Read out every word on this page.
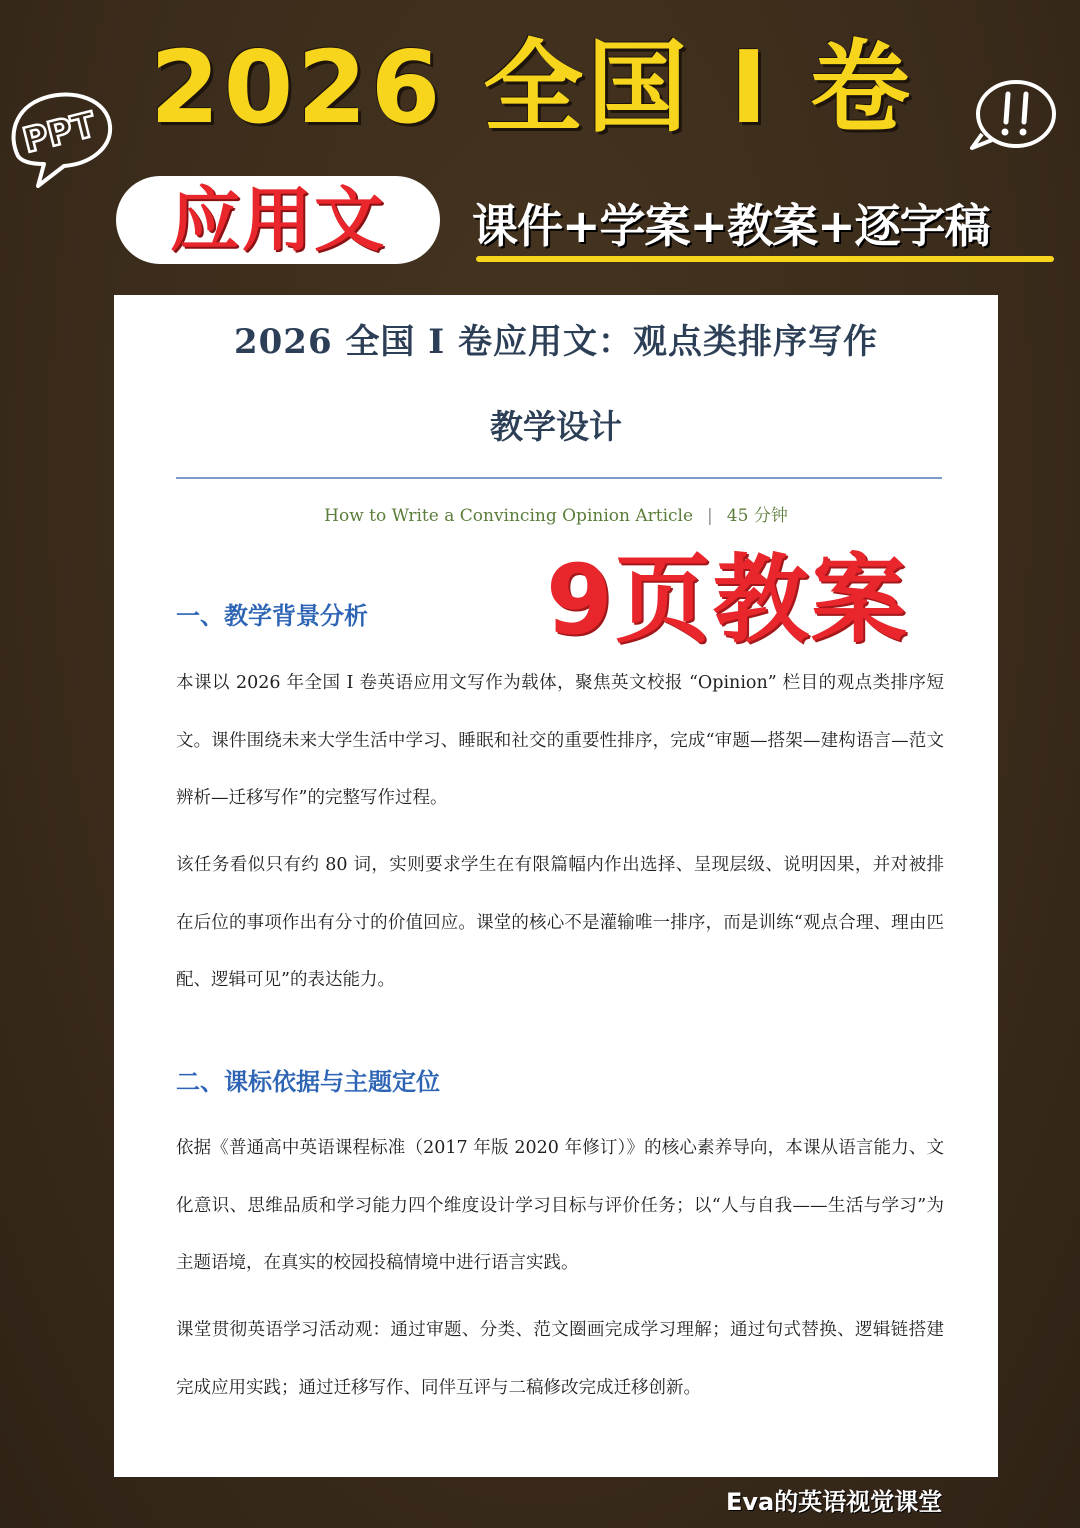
2026 全国 I 卷
PPT
应用文	课件+学案+教案+逐字稿
2026 全国 I 卷应用文：观点类排序写作
教学设计
How to Write a Convincing Opinion Article | 45 分钟
一、教学背景分析
本课以 2026 年全国 I 卷英语应用文写作为载体，聚焦英文校报 “Opinion” 栏目的观点类排序短文。课件围绕未来大学生活中学习、睡眠和社交的重要性排序，完成“审题—搭架—建构语言—范文辨析—迁移写作”的完整写作过程。
该任务看似只有约 80 词，实则要求学生在有限篇幅内作出选择、呈现层级、说明因果，并对被排在后位的事项作出有分寸的价值回应。课堂的核心不是灌输唯一排序，而是训练“观点合理、理由匹配、逻辑可见”的表达能力。
二、课标依据与主题定位
依据《普通高中英语课程标准（2017 年版 2020 年修订）》的核心素养导向，本课从语言能力、文化意识、思维品质和学习能力四个维度设计学习目标与评价任务；以“人与自我——生活与学习”为主题语境，在真实的校园投稿情境中进行语言实践。
课堂贯彻英语学习活动观：通过审题、分类、范文圈画完成学习理解；通过句式替换、逻辑链搭建完成应用实践；通过迁移写作、同伴互评与二稿修改完成迁移创新。
9页教案
Eva的英语视觉课堂
